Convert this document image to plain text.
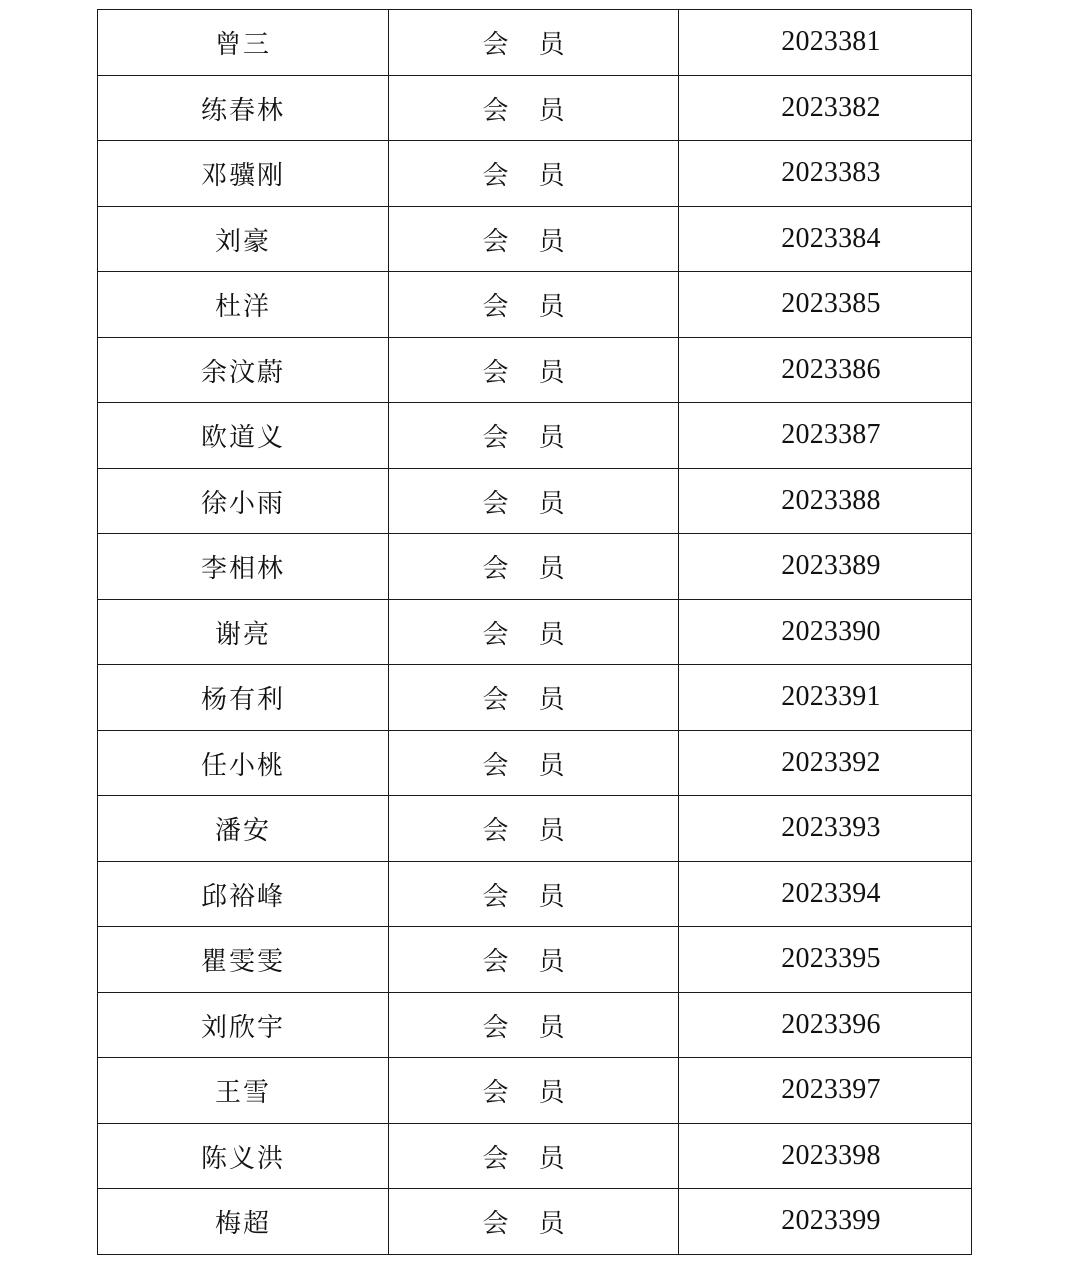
曾三	会员	2023381
练春林	会员	2023382
邓骥刚	会员	2023383
刘豪	会员	2023384
杜洋	会员	2023385
余汶蔚	会员	2023386
欧道义	会员	2023387
徐小雨	会员	2023388
李相林	会员	2023389
谢亮	会员	2023390
杨有利	会员	2023391
任小桃	会员	2023392
潘安	会员	2023393
邱裕峰	会员	2023394
瞿雯雯	会员	2023395
刘欣宇	会员	2023396
王雪	会员	2023397
陈义洪	会员	2023398
梅超	会员	2023399
